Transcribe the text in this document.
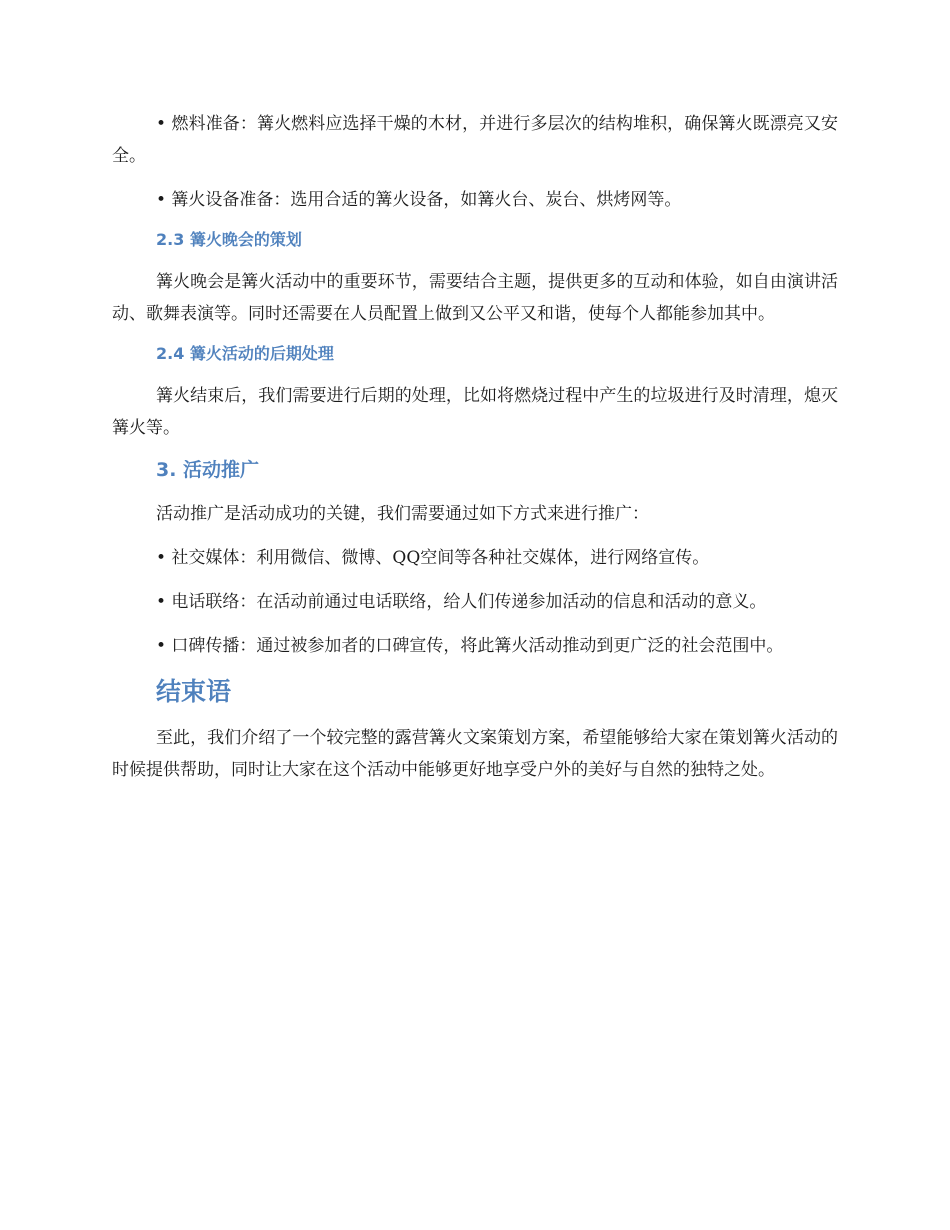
• 燃料准备：篝火燃料应选择干燥的木材，并进行多层次的结构堆积，确保篝火既漂亮又安全。

• 篝火设备准备：选用合适的篝火设备，如篝火台、炭台、烘烤网等。

2.3 篝火晚会的策划

篝火晚会是篝火活动中的重要环节，需要结合主题，提供更多的互动和体验，如自由演讲活动、歌舞表演等。同时还需要在人员配置上做到又公平又和谐，使每个人都能参加其中。

2.4 篝火活动的后期处理

篝火结束后，我们需要进行后期的处理，比如将燃烧过程中产生的垃圾进行及时清理，熄灭篝火等。

3. 活动推广

活动推广是活动成功的关键，我们需要通过如下方式来进行推广：

• 社交媒体：利用微信、微博、QQ空间等各种社交媒体，进行网络宣传。

• 电话联络：在活动前通过电话联络，给人们传递参加活动的信息和活动的意义。

• 口碑传播：通过被参加者的口碑宣传，将此篝火活动推动到更广泛的社会范围中。

结束语

至此，我们介绍了一个较完整的露营篝火文案策划方案，希望能够给大家在策划篝火活动的时候提供帮助，同时让大家在这个活动中能够更好地享受户外的美好与自然的独特之处。
